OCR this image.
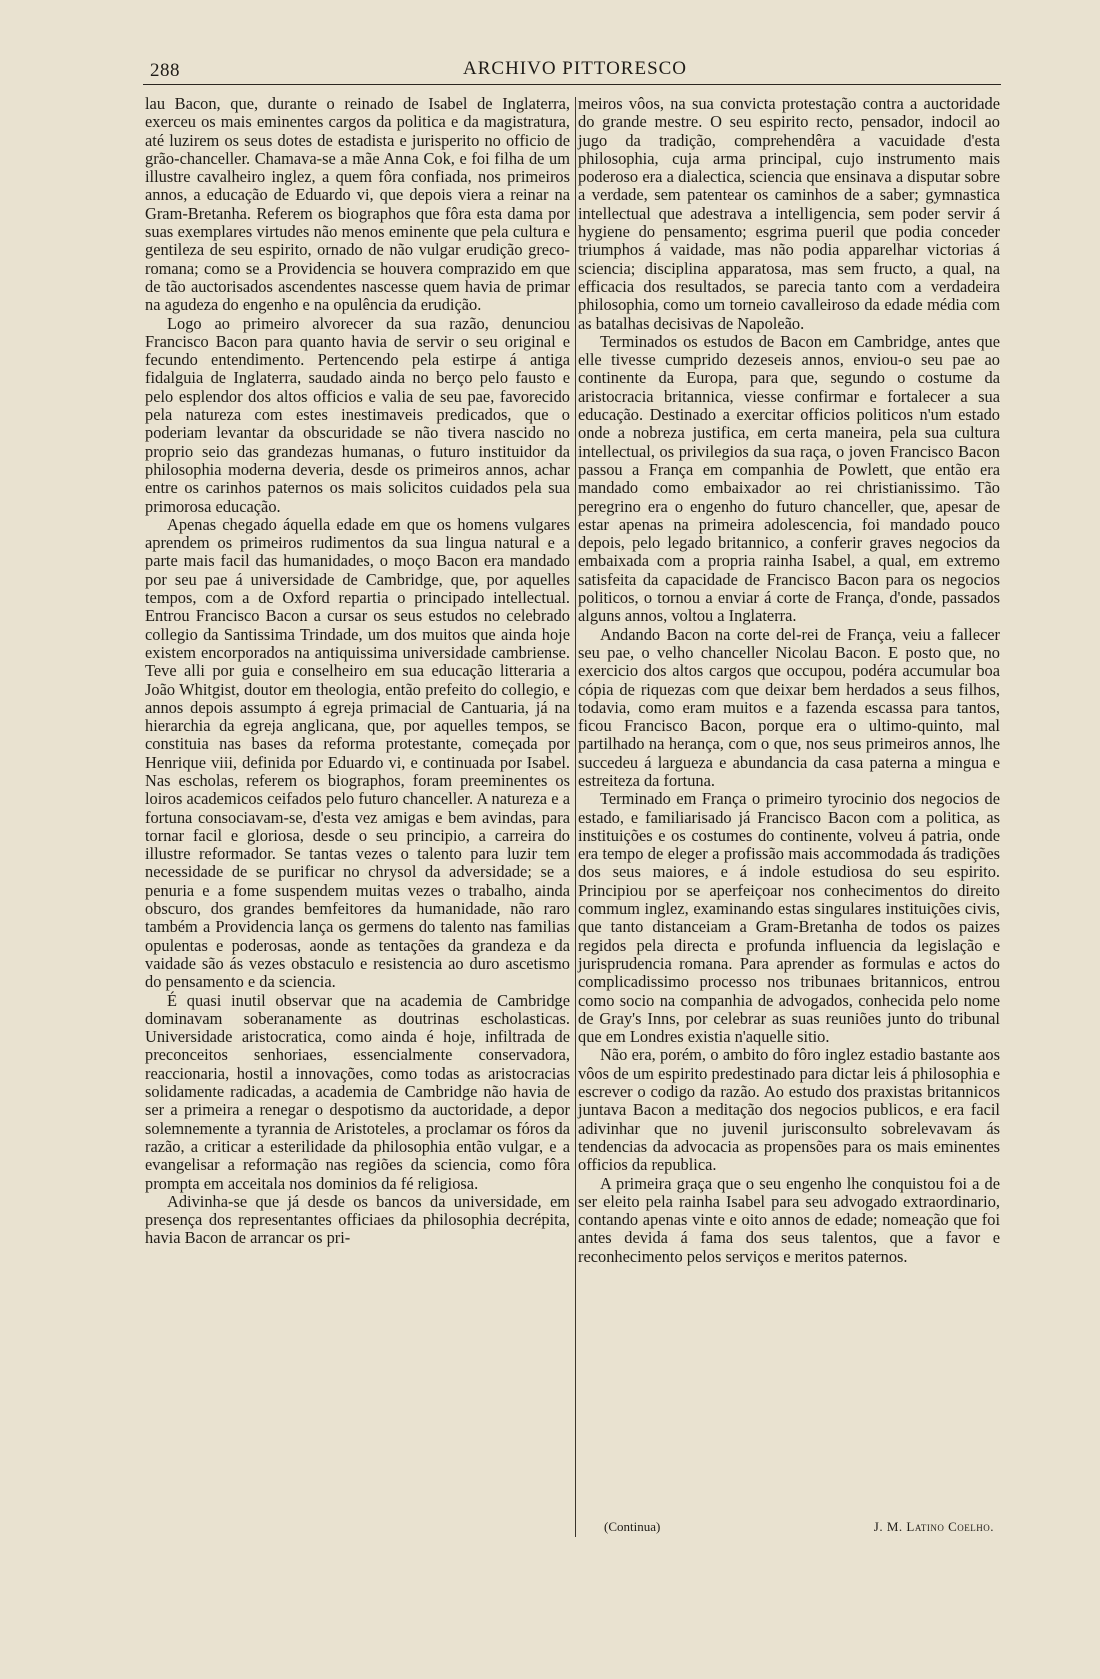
288	ARCHIVO PITTORESCO

lau Bacon, que, durante o reinado de Isabel de Inglaterra, exerceu os mais eminentes cargos da politica e da magistratura, até luzirem os seus dotes de estadista e jurisperito no officio de grão-chanceller. Chamava-se a mãe Anna Cok, e foi filha de um illustre cavalheiro inglez, a quem fôra confiada, nos primeiros annos, a educação de Eduardo vi, que depois viera a reinar na Gram-Bretanha. Referem os biographos que fôra esta dama por suas exemplares virtudes não menos eminente que pela cultura e gentileza de seu espirito, ornado de não vulgar erudição greco-romana; como se a Providencia se houvera comprazido em que de tão auctorisados ascendentes nascesse quem havia de primar na agudeza do engenho e na opulência da erudição.

Logo ao primeiro alvorecer da sua razão, denunciou Francisco Bacon para quanto havia de servir o seu original e fecundo entendimento. Pertencendo pela estirpe á antiga fidalguia de Inglaterra, saudado ainda no berço pelo fausto e pelo esplendor dos altos officios e valia de seu pae, favorecido pela natureza com estes inestimaveis predicados, que o poderiam levantar da obscuridade se não tivera nascido no proprio seio das grandezas humanas, o futuro instituidor da philosophia moderna deveria, desde os primeiros annos, achar entre os carinhos paternos os mais solicitos cuidados pela sua primorosa educação.

Apenas chegado áquella edade em que os homens vulgares aprendem os primeiros rudimentos da sua lingua natural e a parte mais facil das humanidades, o moço Bacon era mandado por seu pae á universidade de Cambridge, que, por aquelles tempos, com a de Oxford repartia o principado intellectual. Entrou Francisco Bacon a cursar os seus estudos no celebrado collegio da Santissima Trindade, um dos muitos que ainda hoje existem encorporados na antiquissima universidade cambriense. Teve alli por guia e conselheiro em sua educação litteraria a João Whitgist, doutor em theologia, então prefeito do collegio, e annos depois assumpto á egreja primacial de Cantuaria, já na hierarchia da egreja anglicana, que, por aquelles tempos, se constituia nas bases da reforma protestante, começada por Henrique viii, definida por Eduardo vi, e continuada por Isabel. Nas escholas, referem os biographos, foram preeminentes os loiros academicos ceifados pelo futuro chanceller. A natureza e a fortuna consociavam-se, d'esta vez amigas e bem avindas, para tornar facil e gloriosa, desde o seu principio, a carreira do illustre reformador. Se tantas vezes o talento para luzir tem necessidade de se purificar no chrysol da adversidade; se a penuria e a fome suspendem muitas vezes o trabalho, ainda obscuro, dos grandes bemfeitores da humanidade, não raro também a Providencia lança os germens do talento nas familias opulentas e poderosas, aonde as tentações da grandeza e da vaidade são ás vezes obstaculo e resistencia ao duro ascetismo do pensamento e da sciencia.

É quasi inutil observar que na academia de Cambridge dominavam soberanamente as doutrinas escholasticas. Universidade aristocratica, como ainda é hoje, infiltrada de preconceitos senhoriaes, essencialmente conservadora, reaccionaria, hostil a innovações, como todas as aristocracias solidamente radicadas, a academia de Cambridge não havia de ser a primeira a renegar o despotismo da auctoridade, a depor solemnemente a tyrannia de Aristoteles, a proclamar os fóros da razão, a criticar a esterilidade da philosophia então vulgar, e a evangelisar a reformação nas regiões da sciencia, como fôra prompta em acceitala nos dominios da fé religiosa.

Adivinha-se que já desde os bancos da universidade, em presença dos representantes officiaes da philosophia decrépita, havia Bacon de arrancar os pri-

meiros vôos, na sua convicta protestação contra a auctoridade do grande mestre. O seu espirito recto, pensador, indocil ao jugo da tradição, comprehendêra a vacuidade d'esta philosophia, cuja arma principal, cujo instrumento mais poderoso era a dialectica, sciencia que ensinava a disputar sobre a verdade, sem patentear os caminhos de a saber; gymnastica intellectual que adestrava a intelligencia, sem poder servir á hygiene do pensamento; esgrima pueril que podia conceder triumphos á vaidade, mas não podia apparelhar victorias á sciencia; disciplina apparatosa, mas sem fructo, a qual, na efficacia dos resultados, se parecia tanto com a verdadeira philosophia, como um torneio cavalleiroso da edade média com as batalhas decisivas de Napoleão.

Terminados os estudos de Bacon em Cambridge, antes que elle tivesse cumprido dezeseis annos, enviou-o seu pae ao continente da Europa, para que, segundo o costume da aristocracia britannica, viesse confirmar e fortalecer a sua educação. Destinado a exercitar officios politicos n'um estado onde a nobreza justifica, em certa maneira, pela sua cultura intellectual, os privilegios da sua raça, o joven Francisco Bacon passou a França em companhia de Powlett, que então era mandado como embaixador ao rei christianissimo. Tão peregrino era o engenho do futuro chanceller, que, apesar de estar apenas na primeira adolescencia, foi mandado pouco depois, pelo legado britannico, a conferir graves negocios da embaixada com a propria rainha Isabel, a qual, em extremo satisfeita da capacidade de Francisco Bacon para os negocios politicos, o tornou a enviar á corte de França, d'onde, passados alguns annos, voltou a Inglaterra.

Andando Bacon na corte del-rei de França, veiu a fallecer seu pae, o velho chanceller Nicolau Bacon. E posto que, no exercicio dos altos cargos que occupou, podéra accumular boa cópia de riquezas com que deixar bem herdados a seus filhos, todavia, como eram muitos e a fazenda escassa para tantos, ficou Francisco Bacon, porque era o ultimo-quinto, mal partilhado na herança, com o que, nos seus primeiros annos, lhe succedeu á largueza e abundancia da casa paterna a mingua e estreiteza da fortuna.

Terminado em França o primeiro tyrocinio dos negocios de estado, e familiarisado já Francisco Bacon com a politica, as instituições e os costumes do continente, volveu á patria, onde era tempo de eleger a profissão mais accommodada ás tradições dos seus maiores, e á indole estudiosa do seu espirito. Principiou por se aperfeiçoar nos conhecimentos do direito commum inglez, examinando estas singulares instituições civis, que tanto distanceiam a Gram-Bretanha de todos os paizes regidos pela directa e profunda influencia da legislação e jurisprudencia romana. Para aprender as formulas e actos do complicadissimo processo nos tribunaes britannicos, entrou como socio na companhia de advogados, conhecida pelo nome de Gray's Inns, por celebrar as suas reuniões junto do tribunal que em Londres existia n'aquelle sitio.

Não era, porém, o ambito do fôro inglez estadio bastante aos vôos de um espirito predestinado para dictar leis á philosophia e escrever o codigo da razão. Ao estudo dos praxistas britannicos juntava Bacon a meditação dos negocios publicos, e era facil adivinhar que no juvenil jurisconsulto sobrelevavam ás tendencias da advocacia as propensões para os mais eminentes officios da republica.

A primeira graça que o seu engenho lhe conquistou foi a de ser eleito pela rainha Isabel para seu advogado extraordinario, contando apenas vinte e oito annos de edade; nomeação que foi antes devida á fama dos seus talentos, que a favor e reconhecimento pelos serviços e meritos paternos.

(Continua)	J. M. Latino Coelho.
